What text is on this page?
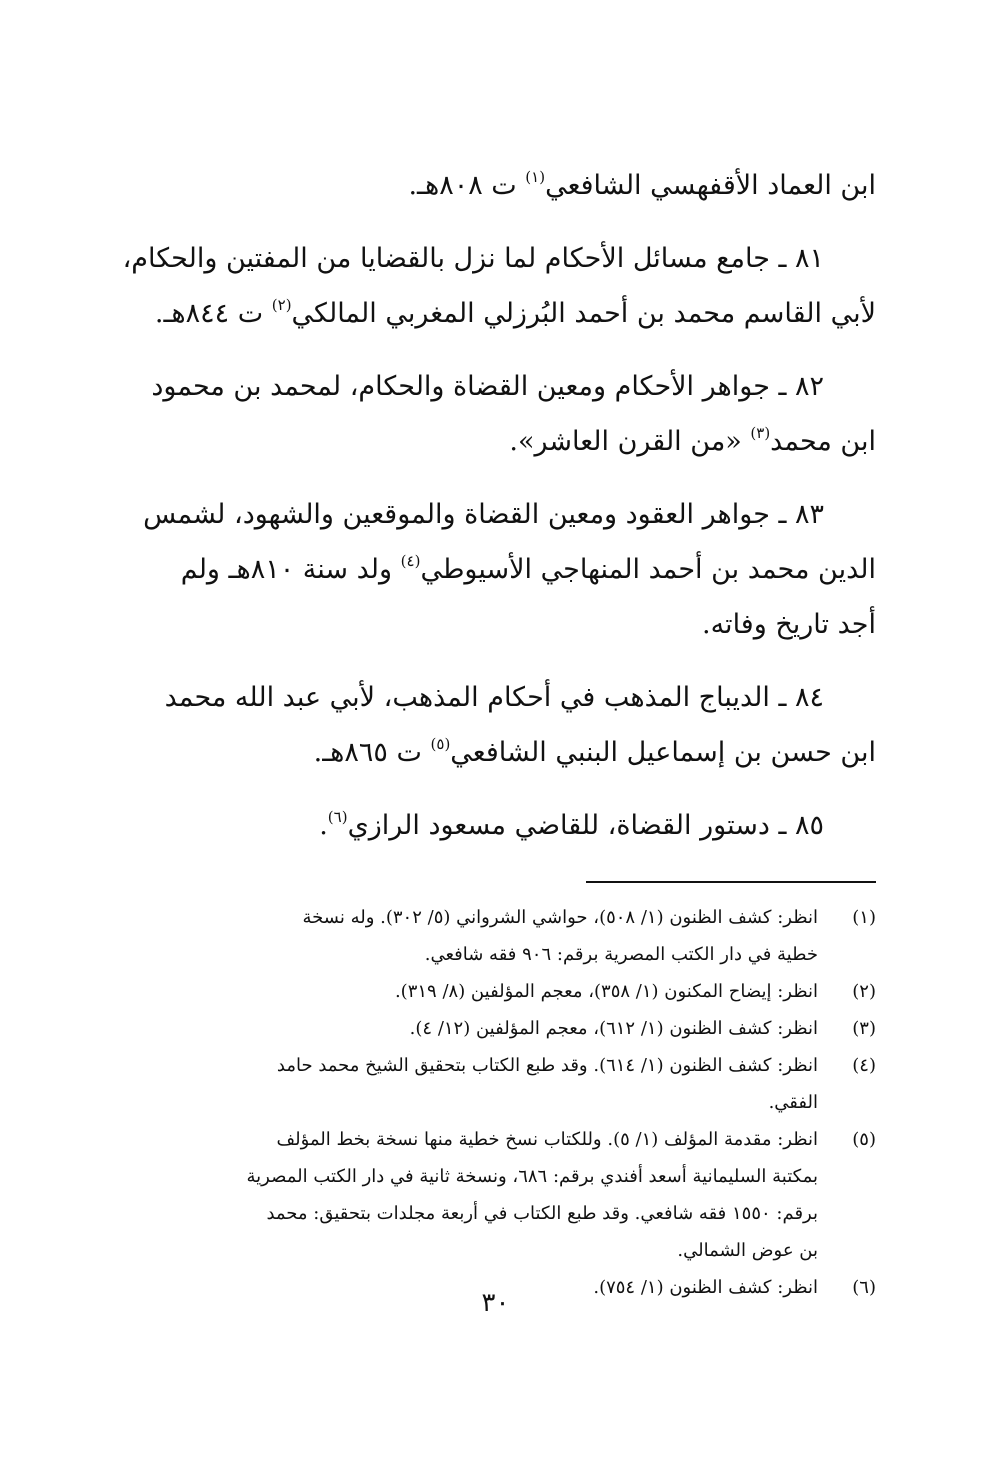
ابن العماد الأقفهسي الشافعي$^{(١)}$ ت ٨٠٨هـ.

٨١ ـ جامع مسائل الأحكام لما نزل بالقضايا من المفتين والحكام،
لأبي القاسم محمد بن أحمد البُرزلي المغربي المالكي$^{(٢)}$ ت ٨٤٤هـ.

٨٢ ـ جواهر الأحكام ومعين القضاة والحكام، لمحمد بن محمود
ابن محمد$^{(٣)}$ «من القرن العاشر».

٨٣ ـ جواهر العقود ومعين القضاة والموقعين والشهود، لشمس
الدين محمد بن أحمد المنهاجي الأسيوطي$^{(٤)}$ ولد سنة ٨١٠هـ ولم
أجد تاريخ وفاته.

٨٤ ـ الديباج المذهب في أحكام المذهب، لأبي عبد الله محمد
ابن حسن بن إسماعيل البنبي الشافعي$^{(٥)}$ ت ٨٦٥هـ.

٨٥ ـ دستور القضاة، للقاضي مسعود الرازي$^{(٦)}$.

(١)
انظر: كشف الظنون (١/ ٥٠٨)، حواشي الشرواني (٥/ ٣٠٢). وله نسخة
خطية في دار الكتب المصرية برقم: ٩٠٦ فقه شافعي.
(٢)
انظر: إيضاح المكنون (١/ ٣٥٨)، معجم المؤلفين (٨/ ٣١٩).
(٣)
انظر: كشف الظنون (١/ ٦١٢)، معجم المؤلفين (١٢/ ٤).
(٤)
انظر: كشف الظنون (١/ ٦١٤). وقد طبع الكتاب بتحقيق الشيخ محمد حامد
الفقي.
(٥)
انظر: مقدمة المؤلف (١/ ٥). وللكتاب نسخ خطية منها نسخة بخط المؤلف
بمكتبة السليمانية أسعد أفندي برقم: ٦٨٦، ونسخة ثانية في دار الكتب المصرية
برقم: ١٥٥٠ فقه شافعي. وقد طبع الكتاب في أربعة مجلدات بتحقيق: محمد
بن عوض الشمالي.
(٦)
انظر: كشف الظنون (١/ ٧٥٤).
٣٠
